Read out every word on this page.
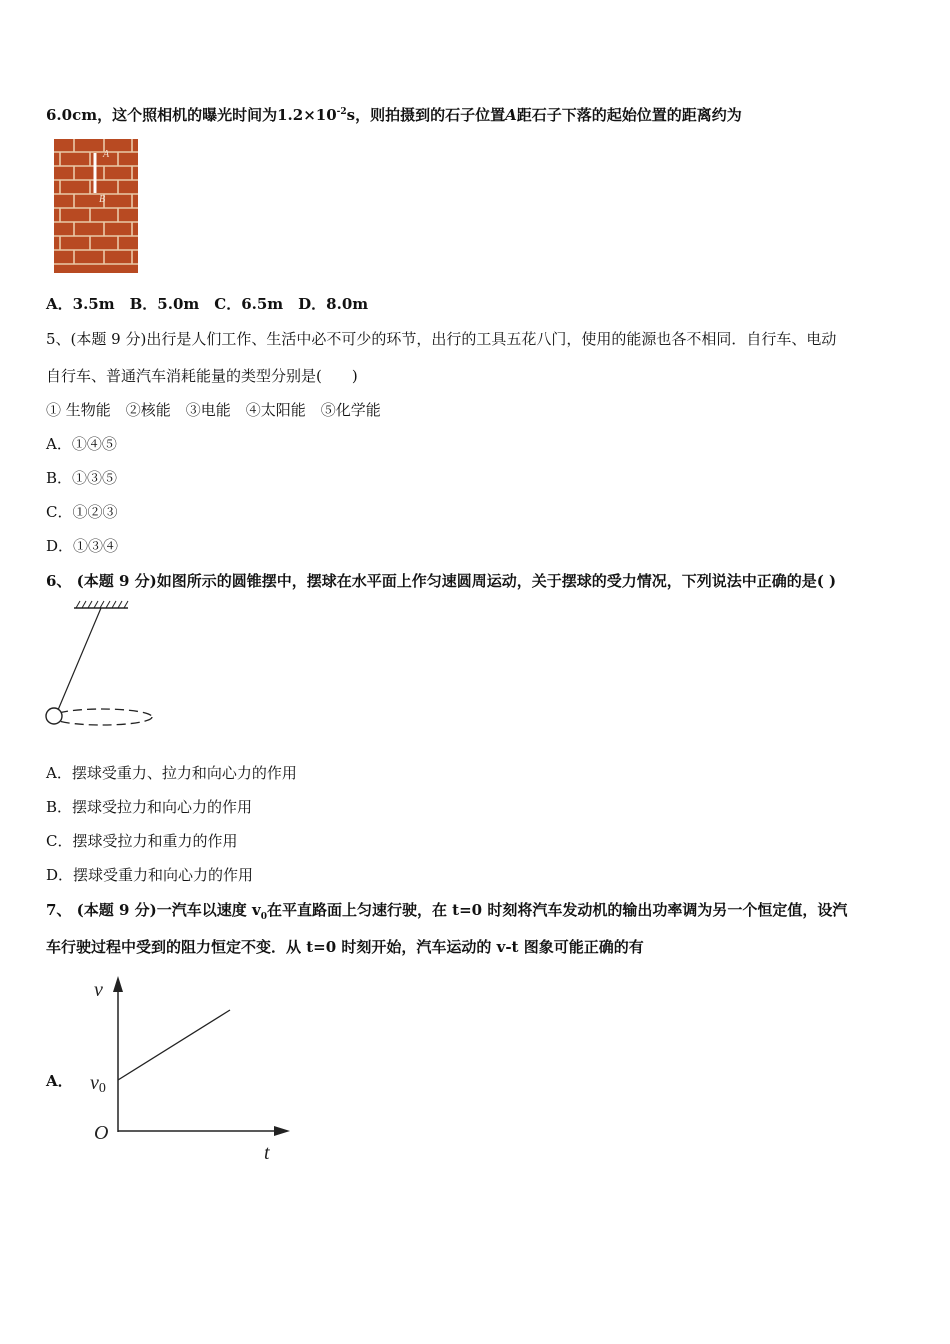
6.0cm，这个照相机的曝光时间为$1.2\times 10^{-2}s$，则拍摄到的石子位置A距石子下落的起始位置的距离约为
A
B
A．3.5m　B．5.0m　C．6.5m　D．8.0m
5、(本题 9 分)出行是人们工作、生活中必不可少的环节，出行的工具五花八门，使用的能源也各不相同．自行车、电动
自行车、普通汽车消耗能量的类型分别是(　　)
① 生物能　②核能　③电能　④太阳能　⑤化学能
A．①④⑤
B．①③⑤
C．①②③
D．①③④
6、 (本题 9 分)如图所示的圆锥摆中，摆球在水平面上作匀速圆周运动，关于摆球的受力情况，下列说法中正确的是( )
A．摆球受重力、拉力和向心力的作用
B．摆球受拉力和向心力的作用
C．摆球受拉力和重力的作用
D．摆球受重力和向心力的作用
7、 (本题 9 分)一汽车以速度 $v_0$在平直路面上匀速行驶，在 t=0 时刻将汽车发动机的输出功率调为另一个恒定值，设汽
车行驶过程中受到的阻力恒定不变．从 t=0 时刻开始，汽车运动的 v-t 图象可能正确的有
A．
v
t
O
v0
